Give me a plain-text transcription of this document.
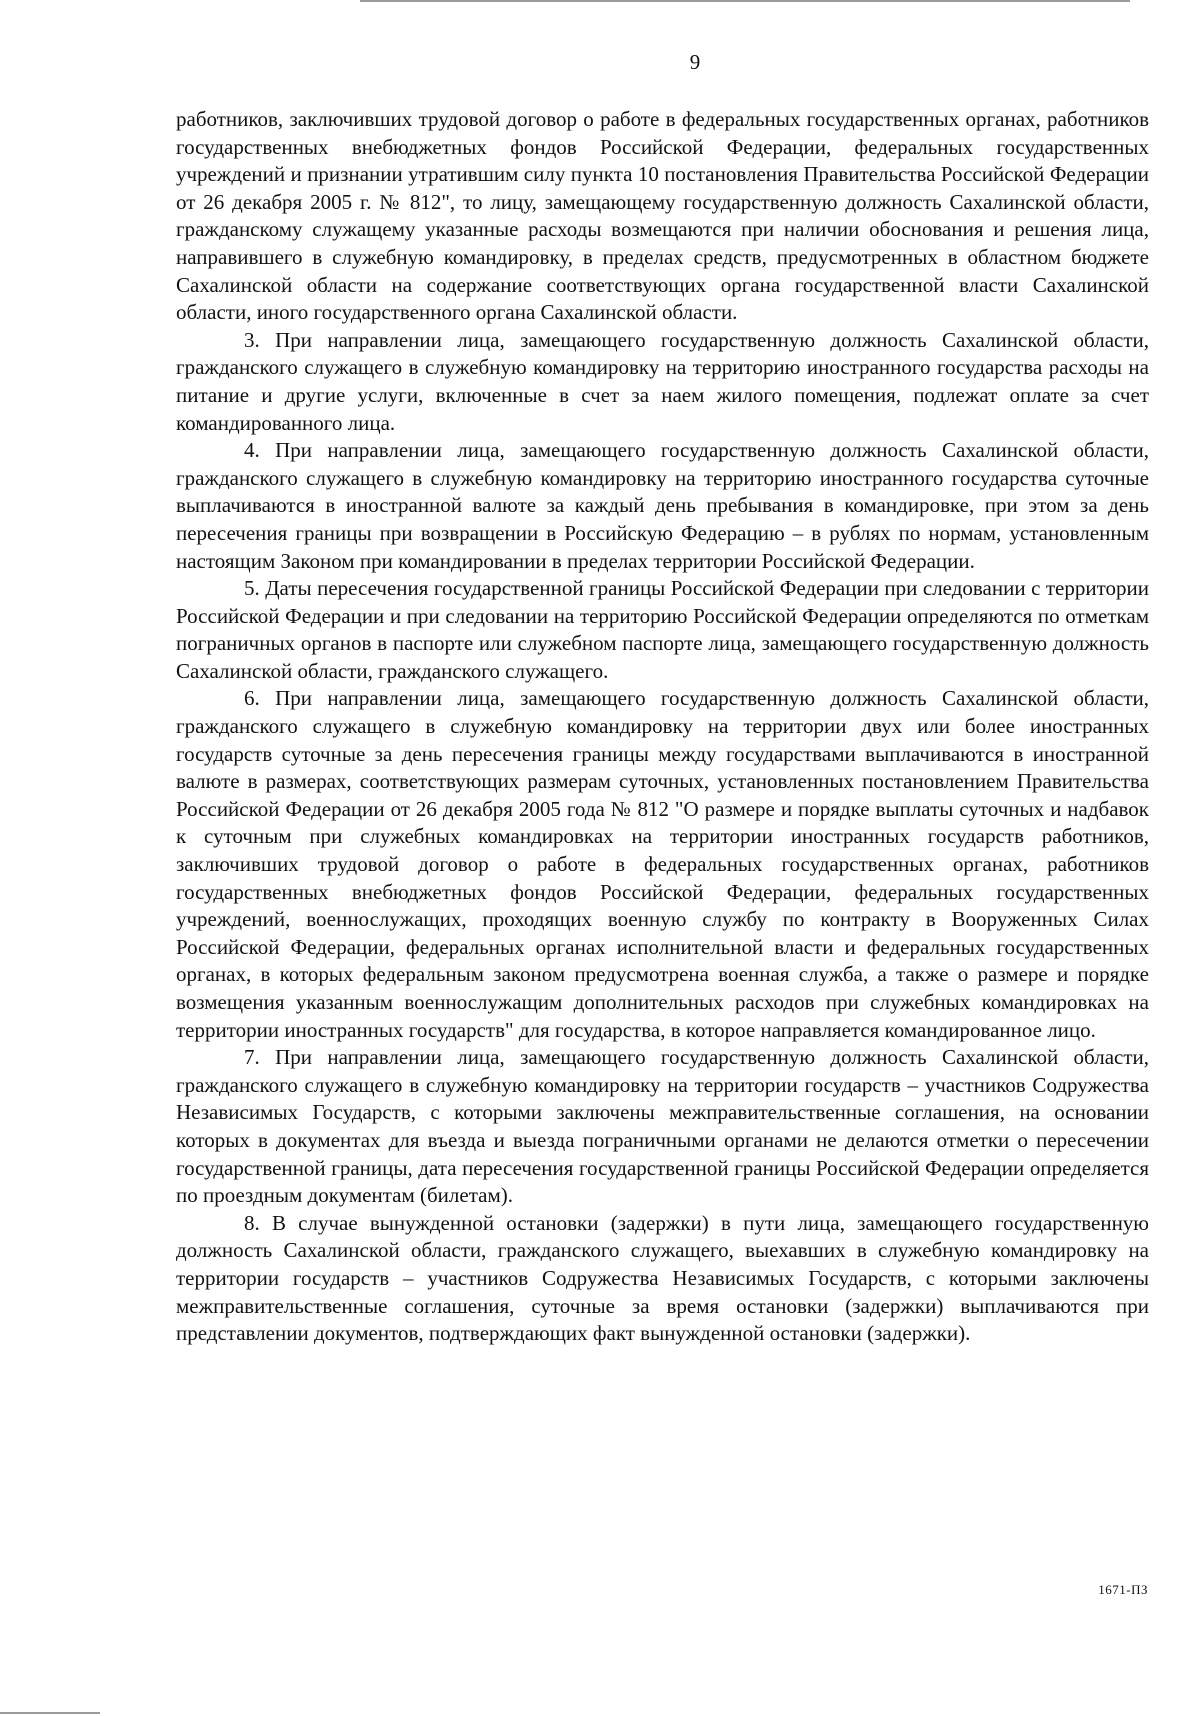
9

работников, заключивших трудовой договор о работе в федеральных государственных органах, работников государственных внебюджетных фондов Российской Федерации, федеральных государственных учреждений и признании утратившим силу пункта 10 постановления Правительства Российской Федерации от 26 декабря 2005 г. № 812", то лицу, замещающему государственную должность Сахалинской области, гражданскому служащему указанные расходы возмещаются при наличии обоснования и решения лица, направившего в служебную командировку, в пределах средств, предусмотренных в областном бюджете Сахалинской области на содержание соответствующих органа государственной власти Сахалинской области, иного государственного органа Сахалинской области.

3. При направлении лица, замещающего государственную должность Сахалинской области, гражданского служащего в служебную командировку на территорию иностранного государства расходы на питание и другие услуги, включенные в счет за наем жилого помещения, подлежат оплате за счет командированного лица.

4. При направлении лица, замещающего государственную должность Сахалинской области, гражданского служащего в служебную командировку на территорию иностранного государства суточные выплачиваются в иностранной валюте за каждый день пребывания в командировке, при этом за день пересечения границы при возвращении в Российскую Федерацию – в рублях по нормам, установленным настоящим Законом при командировании в пределах территории Российской Федерации.

5. Даты пересечения государственной границы Российской Федерации при следовании с территории Российской Федерации и при следовании на территорию Российской Федерации определяются по отметкам пограничных органов в паспорте или служебном паспорте лица, замещающего государственную должность Сахалинской области, гражданского служащего.

6. При направлении лица, замещающего государственную должность Сахалинской области, гражданского служащего в служебную командировку на территории двух или более иностранных государств суточные за день пересечения границы между государствами выплачиваются в иностранной валюте в размерах, соответствующих размерам суточных, установленных постановлением Правительства Российской Федерации от 26 декабря 2005 года № 812 "О размере и порядке выплаты суточных и надбавок к суточным при служебных командировках на территории иностранных государств работников, заключивших трудовой договор о работе в федеральных государственных органах, работников государственных внебюджетных фондов Российской Федерации, федеральных государственных учреждений, военнослужащих, проходящих военную службу по контракту в Вооруженных Силах Российской Федерации, федеральных органах исполнительной власти и федеральных государственных органах, в которых федеральным законом предусмотрена военная служба, а также о размере и порядке возмещения указанным военнослужащим дополнительных расходов при служебных командировках на территории иностранных государств" для государства, в которое направляется командированное лицо.

7. При направлении лица, замещающего государственную должность Сахалинской области, гражданского служащего в служебную командировку на территории государств – участников Содружества Независимых Государств, с которыми заключены межправительственные соглашения, на основании которых в документах для въезда и выезда пограничными органами не делаются отметки о пересечении государственной границы, дата пересечения государственной границы Российской Федерации определяется по проездным документам (билетам).

8. В случае вынужденной остановки (задержки) в пути лица, замещающего государственную должность Сахалинской области, гражданского служащего, выехавших в служебную командировку на территории государств – участников Содружества Независимых Государств, с которыми заключены межправительственные соглашения, суточные за время остановки (задержки) выплачиваются при представлении документов, подтверждающих факт вынужденной остановки (задержки).

1671-ПЗ
